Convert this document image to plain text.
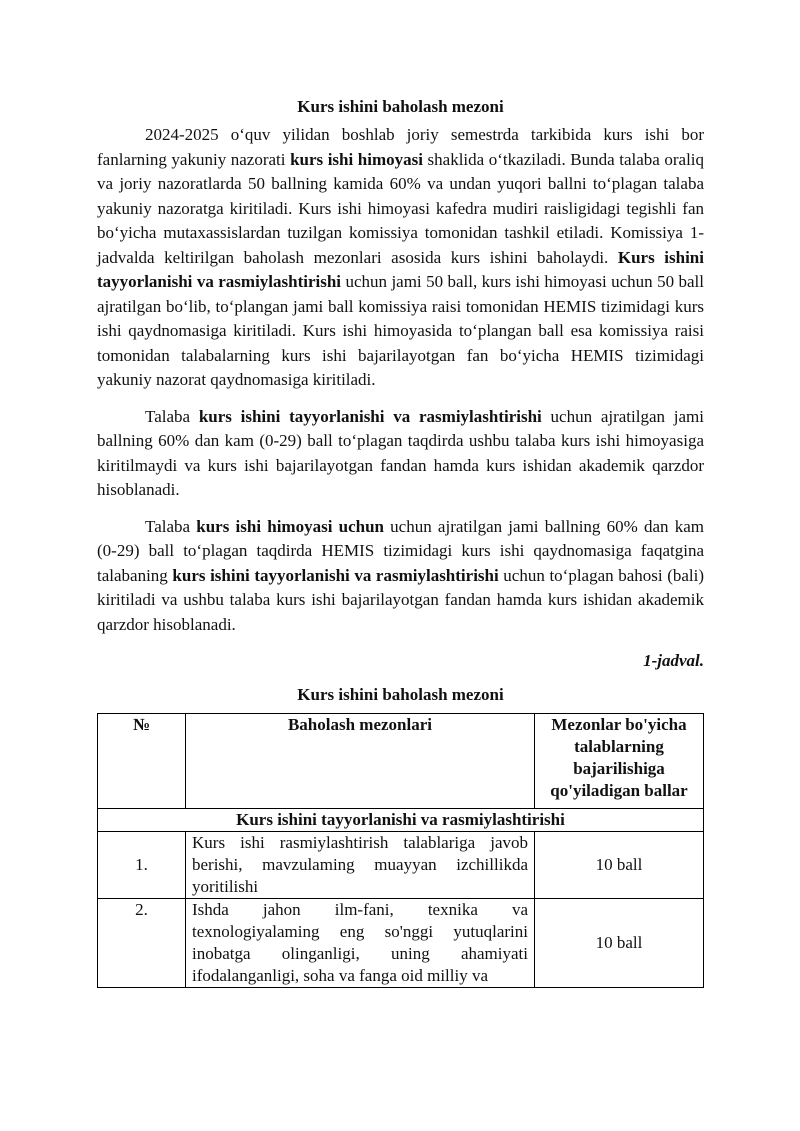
Kurs ishini baholash mezoni

2024-2025 o‘quv yilidan boshlab joriy semestrda tarkibida kurs ishi bor fanlarning yakuniy nazorati kurs ishi himoyasi shaklida o‘tkaziladi. Bunda talaba oraliq va joriy nazoratlarda 50 ballning kamida 60% va undan yuqori ballni to‘plagan talaba yakuniy nazoratga kiritiladi. Kurs ishi himoyasi kafedra mudiri raisligidagi tegishli fan bo‘yicha mutaxassislardan tuzilgan komissiya tomonidan tashkil etiladi. Komissiya 1-jadvalda keltirilgan baholash mezonlari asosida kurs ishini baholaydi. Kurs ishini tayyorlanishi va rasmiylashtirishi uchun jami 50 ball, kurs ishi himoyasi uchun 50 ball ajratilgan bo‘lib, to‘plangan jami ball komissiya raisi tomonidan HEMIS tizimidagi kurs ishi qaydnomasiga kiritiladi. Kurs ishi himoyasida to‘plangan ball esa komissiya raisi tomonidan talabalarning kurs ishi bajarilayotgan fan bo‘yicha HEMIS tizimidagi yakuniy nazorat qaydnomasiga kiritiladi.

Talaba kurs ishini tayyorlanishi va rasmiylashtirishi uchun ajratilgan jami ballning 60% dan kam (0-29) ball to‘plagan taqdirda ushbu talaba kurs ishi himoyasiga kiritilmaydi va kurs ishi bajarilayotgan fandan hamda kurs ishidan akademik qarzdor hisoblanadi.

Talaba kurs ishi himoyasi uchun uchun ajratilgan jami ballning 60% dan kam (0-29) ball to‘plagan taqdirda HEMIS tizimidagi kurs ishi qaydnomasiga faqatgina talabaning kurs ishini tayyorlanishi va rasmiylashtirishi uchun to‘plagan bahosi (bali) kiritiladi va ushbu talaba kurs ishi bajarilayotgan fandan hamda kurs ishidan akademik qarzdor hisoblanadi.

1-jadval.
Kurs ishini baholash mezoni
№	Baholash mezonlari	Mezonlar bo'yicha talablarning bajarilishiga qo'yiladigan ballar
Kurs ishini tayyorlanishi va rasmiylashtirishi		
1.	Kurs ishi rasmiylashtirish talablariga javob berishi, mavzulaming muayyan izchillikda yoritilishi	10 ball
2.	Ishda jahon ilm-fani, texnika va texnologiyalaming eng so'nggi yutuqlarini inobatga olinganligi, uning ahamiyati ifodalanganligi, soha va fanga oid milliy va	10 ball
